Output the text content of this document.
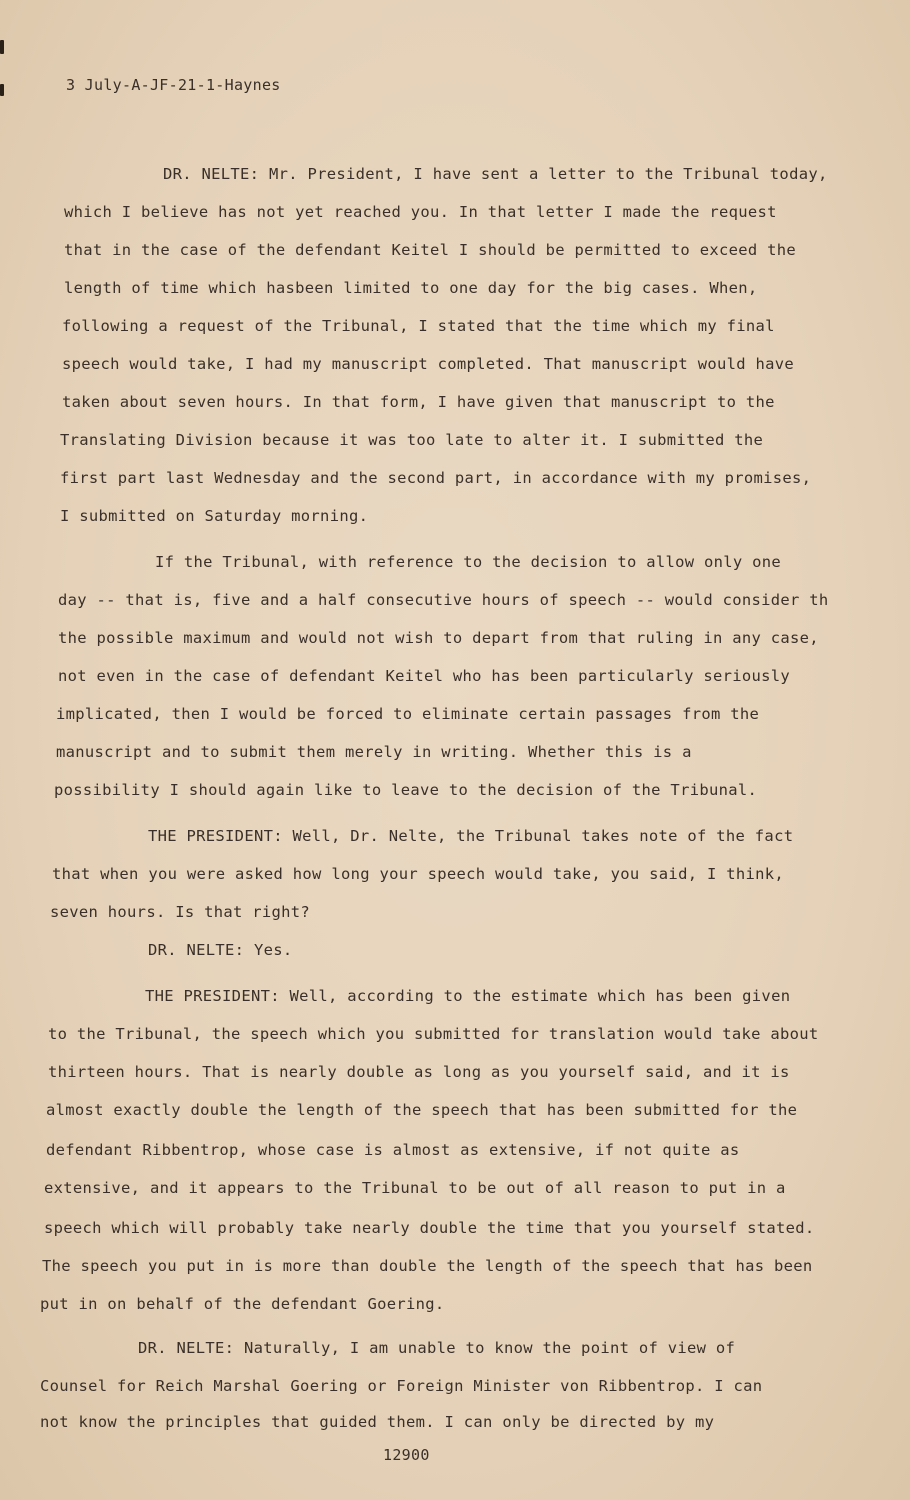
3 July-A-JF-21-1-Haynes
DR. NELTE: Mr. President, I have sent a letter to the Tribunal today,
which I believe has not yet reached you. In that letter I made the request
that in the case of the defendant Keitel I should be permitted to exceed the
length of time which hasbeen limited to one day for the big cases. When,
following a request of the Tribunal, I stated that the time which my final
speech would take, I had my manuscript completed. That manuscript would have
taken about seven hours. In that form, I have given that manuscript to the
Translating Division because it was too late to alter it. I submitted the
first part last Wednesday and the second part, in accordance with my promises,
I submitted on Saturday morning.
If the Tribunal, with reference to the decision to allow only one
day -- that is, five and a half consecutive hours of speech -- would consider th
the possible maximum and would not wish to depart from that ruling in any case,
not even in the case of defendant Keitel who has been particularly seriously
implicated, then I would be forced to eliminate certain passages from the
manuscript and to submit them merely in writing. Whether this is a
possibility I should again like to leave to the decision of the Tribunal.
THE PRESIDENT: Well, Dr. Nelte, the Tribunal takes note of the fact
that when you were asked how long your speech would take, you said, I think,
seven hours. Is that right?
DR. NELTE: Yes.
THE PRESIDENT: Well, according to the estimate which has been given
to the Tribunal, the speech which you submitted for translation would take about
thirteen hours. That is nearly double as long as you yourself said, and it is
almost exactly double the length of the speech that has been submitted for the
defendant Ribbentrop, whose case is almost as extensive, if not quite as
extensive, and it appears to the Tribunal to be out of all reason to put in a
speech which will probably take nearly double the time that you yourself stated.
The speech you put in is more than double the length of the speech that has been
put in on behalf of the defendant Goering.
DR. NELTE: Naturally, I am unable to know the point of view of
Counsel for Reich Marshal Goering or Foreign Minister von Ribbentrop. I can
not know the principles that guided them. I can only be directed by my
12900
